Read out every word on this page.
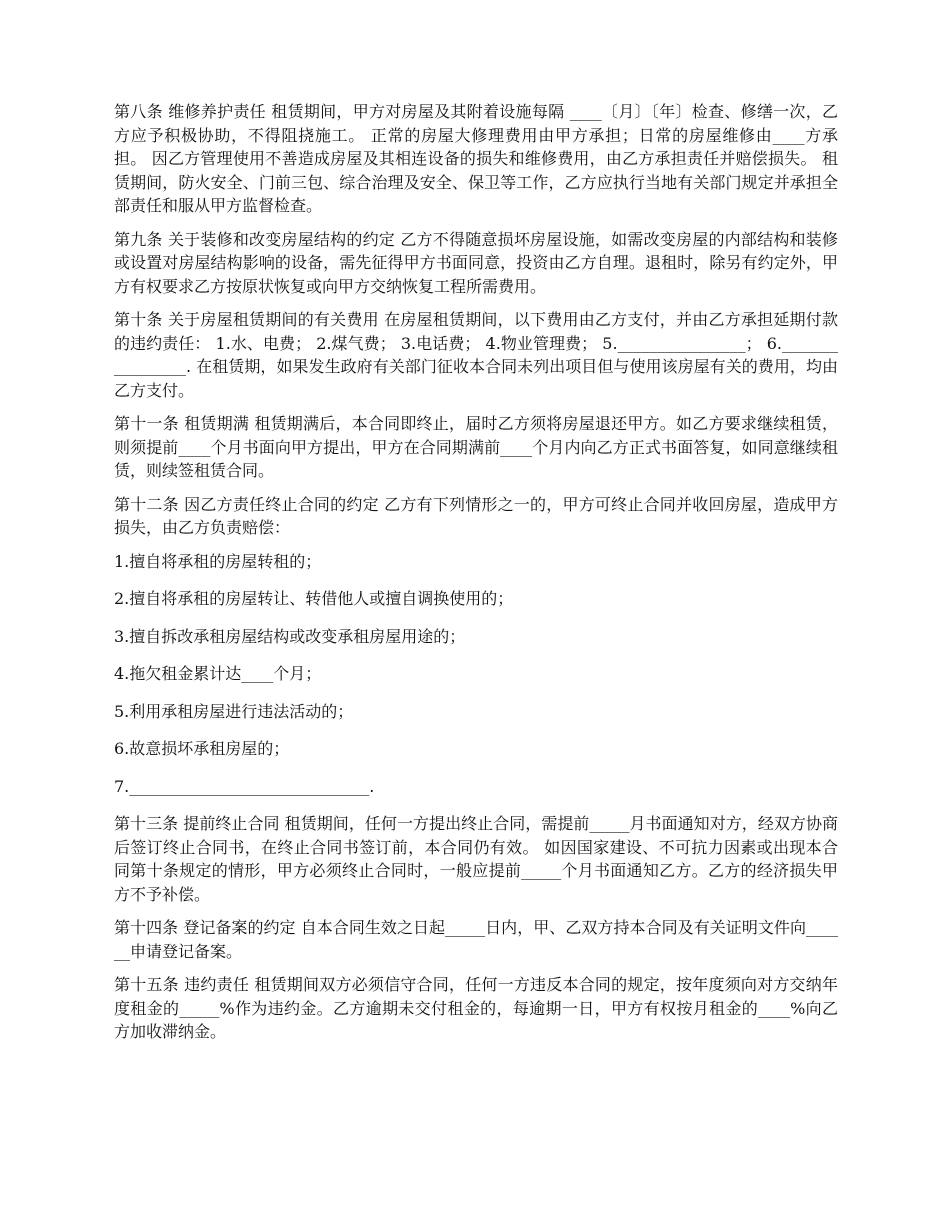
第八条 维修养护责任 租赁期间，甲方对房屋及其附着设施每隔 ____〔月〕〔年〕检查、修缮一次，乙方应予积极协助，不得阻挠施工。 正常的房屋大修理费用由甲方承担；日常的房屋维修由____方承担。 因乙方管理使用不善造成房屋及其相连设备的损失和维修费用，由乙方承担责任并赔偿损失。 租赁期间，防火安全、门前三包、综合治理及安全、保卫等工作，乙方应执行当地有关部门规定并承担全部责任和服从甲方监督检查。

第九条 关于装修和改变房屋结构的约定 乙方不得随意损坏房屋设施，如需改变房屋的内部结构和装修或设置对房屋结构影响的设备，需先征得甲方书面同意，投资由乙方自理。退租时，除另有约定外，甲方有权要求乙方按原状恢复或向甲方交纳恢复工程所需费用。

第十条 关于房屋租赁期间的有关费用 在房屋租赁期间，以下费用由乙方支付，并由乙方承担延期付款的违约责任： 1.水、电费； 2.煤气费； 3.电话费； 4.物业管理费； 5.________________； 6.________________. 在租赁期，如果发生政府有关部门征收本合同未列出项目但与使用该房屋有关的费用，均由乙方支付。

第十一条 租赁期满 租赁期满后，本合同即终止，届时乙方须将房屋退还甲方。如乙方要求继续租赁，则须提前____个月书面向甲方提出，甲方在合同期满前____个月内向乙方正式书面答复，如同意继续租赁，则续签租赁合同。

第十二条 因乙方责任终止合同的约定 乙方有下列情形之一的，甲方可终止合同并收回房屋，造成甲方损失，由乙方负责赔偿：

1.擅自将承租的房屋转租的；

2.擅自将承租的房屋转让、转借他人或擅自调换使用的；

3.擅自拆改承租房屋结构或改变承租房屋用途的；

4.拖欠租金累计达____个月；

5.利用承租房屋进行违法活动的；

6.故意损坏承租房屋的；

7.______________________________.

第十三条 提前终止合同 租赁期间，任何一方提出终止合同，需提前_____月书面通知对方，经双方协商后签订终止合同书，在终止合同书签订前，本合同仍有效。 如因国家建设、不可抗力因素或出现本合同第十条规定的情形，甲方必须终止合同时，一般应提前_____个月书面通知乙方。乙方的经济损失甲方不予补偿。

第十四条 登记备案的约定 自本合同生效之日起_____日内，甲、乙双方持本合同及有关证明文件向______申请登记备案。

第十五条 违约责任 租赁期间双方必须信守合同，任何一方违反本合同的规定，按年度须向对方交纳年度租金的_____%作为违约金。乙方逾期未交付租金的，每逾期一日，甲方有权按月租金的____%向乙方加收滞纳金。
